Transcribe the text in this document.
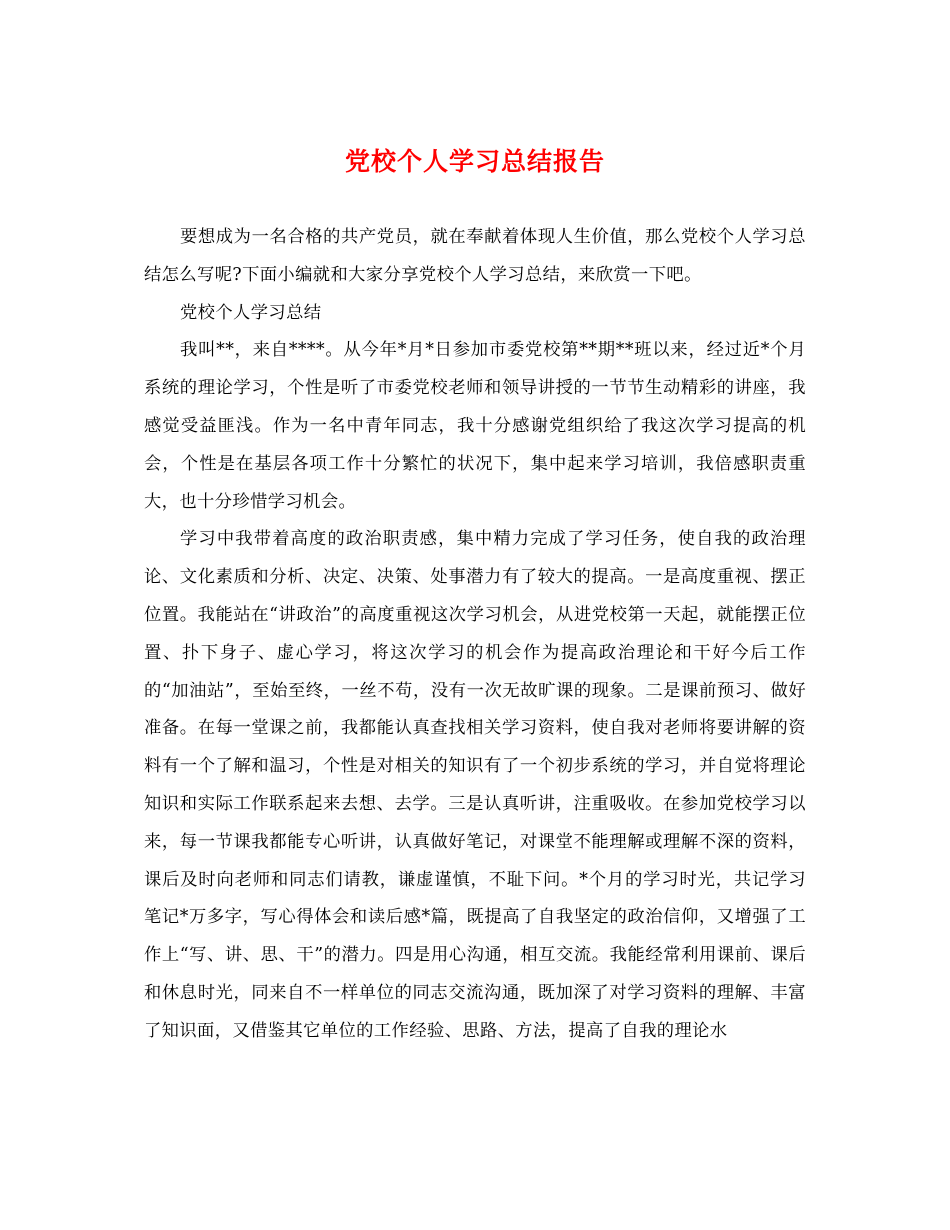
党校个人学习总结报告

要想成为一名合格的共产党员，就在奉献着体现人生价值，那么党校个人学习总结怎么写呢?下面小编就和大家分享党校个人学习总结，来欣赏一下吧。

党校个人学习总结

我叫**，来自****。从今年*月*日参加市委党校第**期**班以来，经过近*个月系统的理论学习，个性是听了市委党校老师和领导讲授的一节节生动精彩的讲座，我感觉受益匪浅。作为一名中青年同志，我十分感谢党组织给了我这次学习提高的机会，个性是在基层各项工作十分繁忙的状况下，集中起来学习培训，我倍感职责重大，也十分珍惜学习机会。

学习中我带着高度的政治职责感，集中精力完成了学习任务，使自我的政治理论、文化素质和分析、决定、决策、处事潜力有了较大的提高。一是高度重视、摆正位置。我能站在“讲政治”的高度重视这次学习机会，从进党校第一天起，就能摆正位置、扑下身子、虚心学习，将这次学习的机会作为提高政治理论和干好今后工作的“加油站”，至始至终，一丝不苟，没有一次无故旷课的现象。二是课前预习、做好准备。在每一堂课之前，我都能认真查找相关学习资料，使自我对老师将要讲解的资料有一个了解和温习，个性是对相关的知识有了一个初步系统的学习，并自觉将理论知识和实际工作联系起来去想、去学。三是认真听讲，注重吸收。在参加党校学习以来，每一节课我都能专心听讲，认真做好笔记，对课堂不能理解或理解不深的资料，课后及时向老师和同志们请教，谦虚谨慎，不耻下问。*个月的学习时光，共记学习笔记*万多字，写心得体会和读后感*篇，既提高了自我坚定的政治信仰，又增强了工作上“写、讲、思、干”的潜力。四是用心沟通，相互交流。我能经常利用课前、课后和休息时光，同来自不一样单位的同志交流沟通，既加深了对学习资料的理解、丰富了知识面，又借鉴其它单位的工作经验、思路、方法，提高了自我的理论水
